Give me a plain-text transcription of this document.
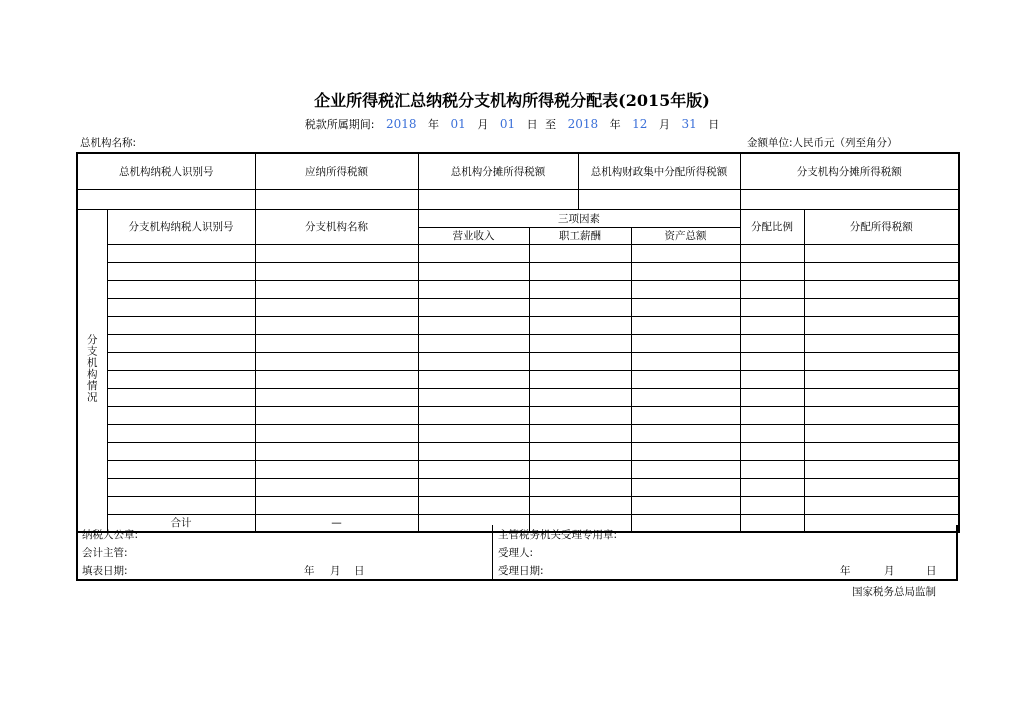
企业所得税汇总纳税分支机构所得税分配表(2015年版)
税款所属期间: 2018 年 01 月 01 日 至 2018 年 12 月 31 日
总机构名称:	金额单位:人民币元（列至角分）
总机构纳税人识别号		应纳所得税额	总机构分摊所得税额		总机构财政集中分配所得税额		分支机构分摊所得税额	

分支机构情况	分支机构纳税人识别号	分支机构名称	三项因素				分配比例	分配所得税额
			营业收入	职工薪酬		资产总额		

	合计	—						
纳税人公章:
会计主管:
填表日期:	年 月 日
主管税务机关受理专用章:
受理人:
受理日期:	年	月	日
国家税务总局监制
